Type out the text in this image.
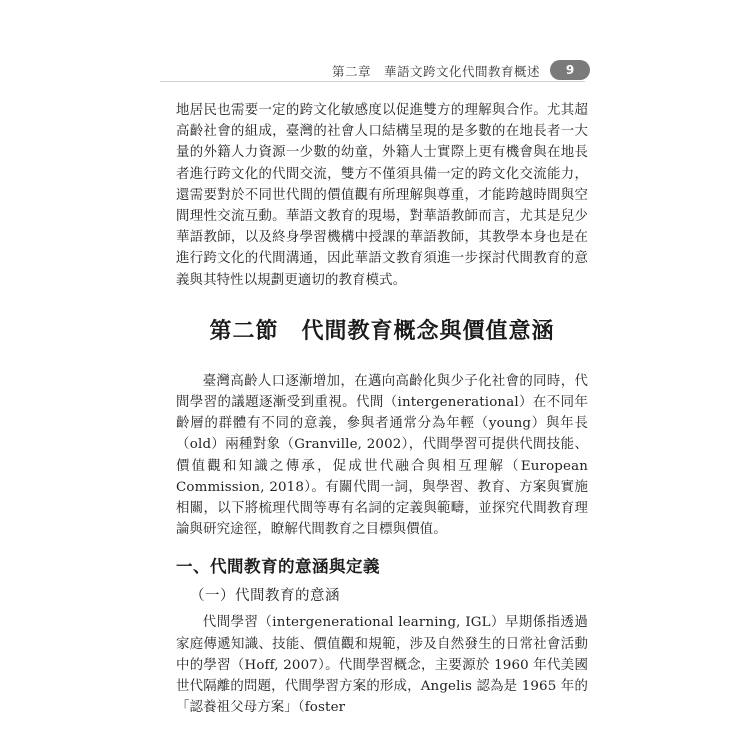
第二章　華語文跨文化代間教育概述	9

地居民也需要一定的跨文化敏感度以促進雙方的理解與合作。尤其超高齡社會的組成，臺灣的社會人口結構呈現的是多數的在地長者一大量的外籍人力資源一少數的幼童，外籍人士實際上更有機會與在地長者進行跨文化的代間交流，雙方不僅須具備一定的跨文化交流能力，還需要對於不同世代間的價值觀有所理解與尊重，才能跨越時間與空間理性交流互動。華語文教育的現場，對華語教師而言，尤其是兒少華語教師，以及終身學習機構中授課的華語教師，其教學本身也是在進行跨文化的代間溝通，因此華語文教育須進一步探討代間教育的意義與其特性以規劃更適切的教育模式。

第二節　代間教育概念與價值意涵

臺灣高齡人口逐漸增加，在邁向高齡化與少子化社會的同時，代間學習的議題逐漸受到重視。代間（intergenerational）在不同年齡層的群體有不同的意義，參與者通常分為年輕（young）與年長（old）兩種對象（Granville, 2002），代間學習可提供代間技能、價值觀和知識之傳承，促成世代融合與相互理解（European Commission, 2018）。有關代間一詞，與學習、教育、方案與實施相關，以下將梳理代間等專有名詞的定義與範疇，並探究代間教育理論與研究途徑，瞭解代間教育之目標與價值。

一、代間教育的意涵與定義
（一）代間教育的意涵

代間學習（intergenerational learning, IGL）早期係指透過家庭傳遞知識、技能、價值觀和規範，涉及自然發生的日常社會活動中的學習（Hoff, 2007）。代間學習概念，主要源於 1960 年代美國世代隔離的問題，代間學習方案的形成，Angelis 認為是 1965 年的「認養祖父母方案」（foster
